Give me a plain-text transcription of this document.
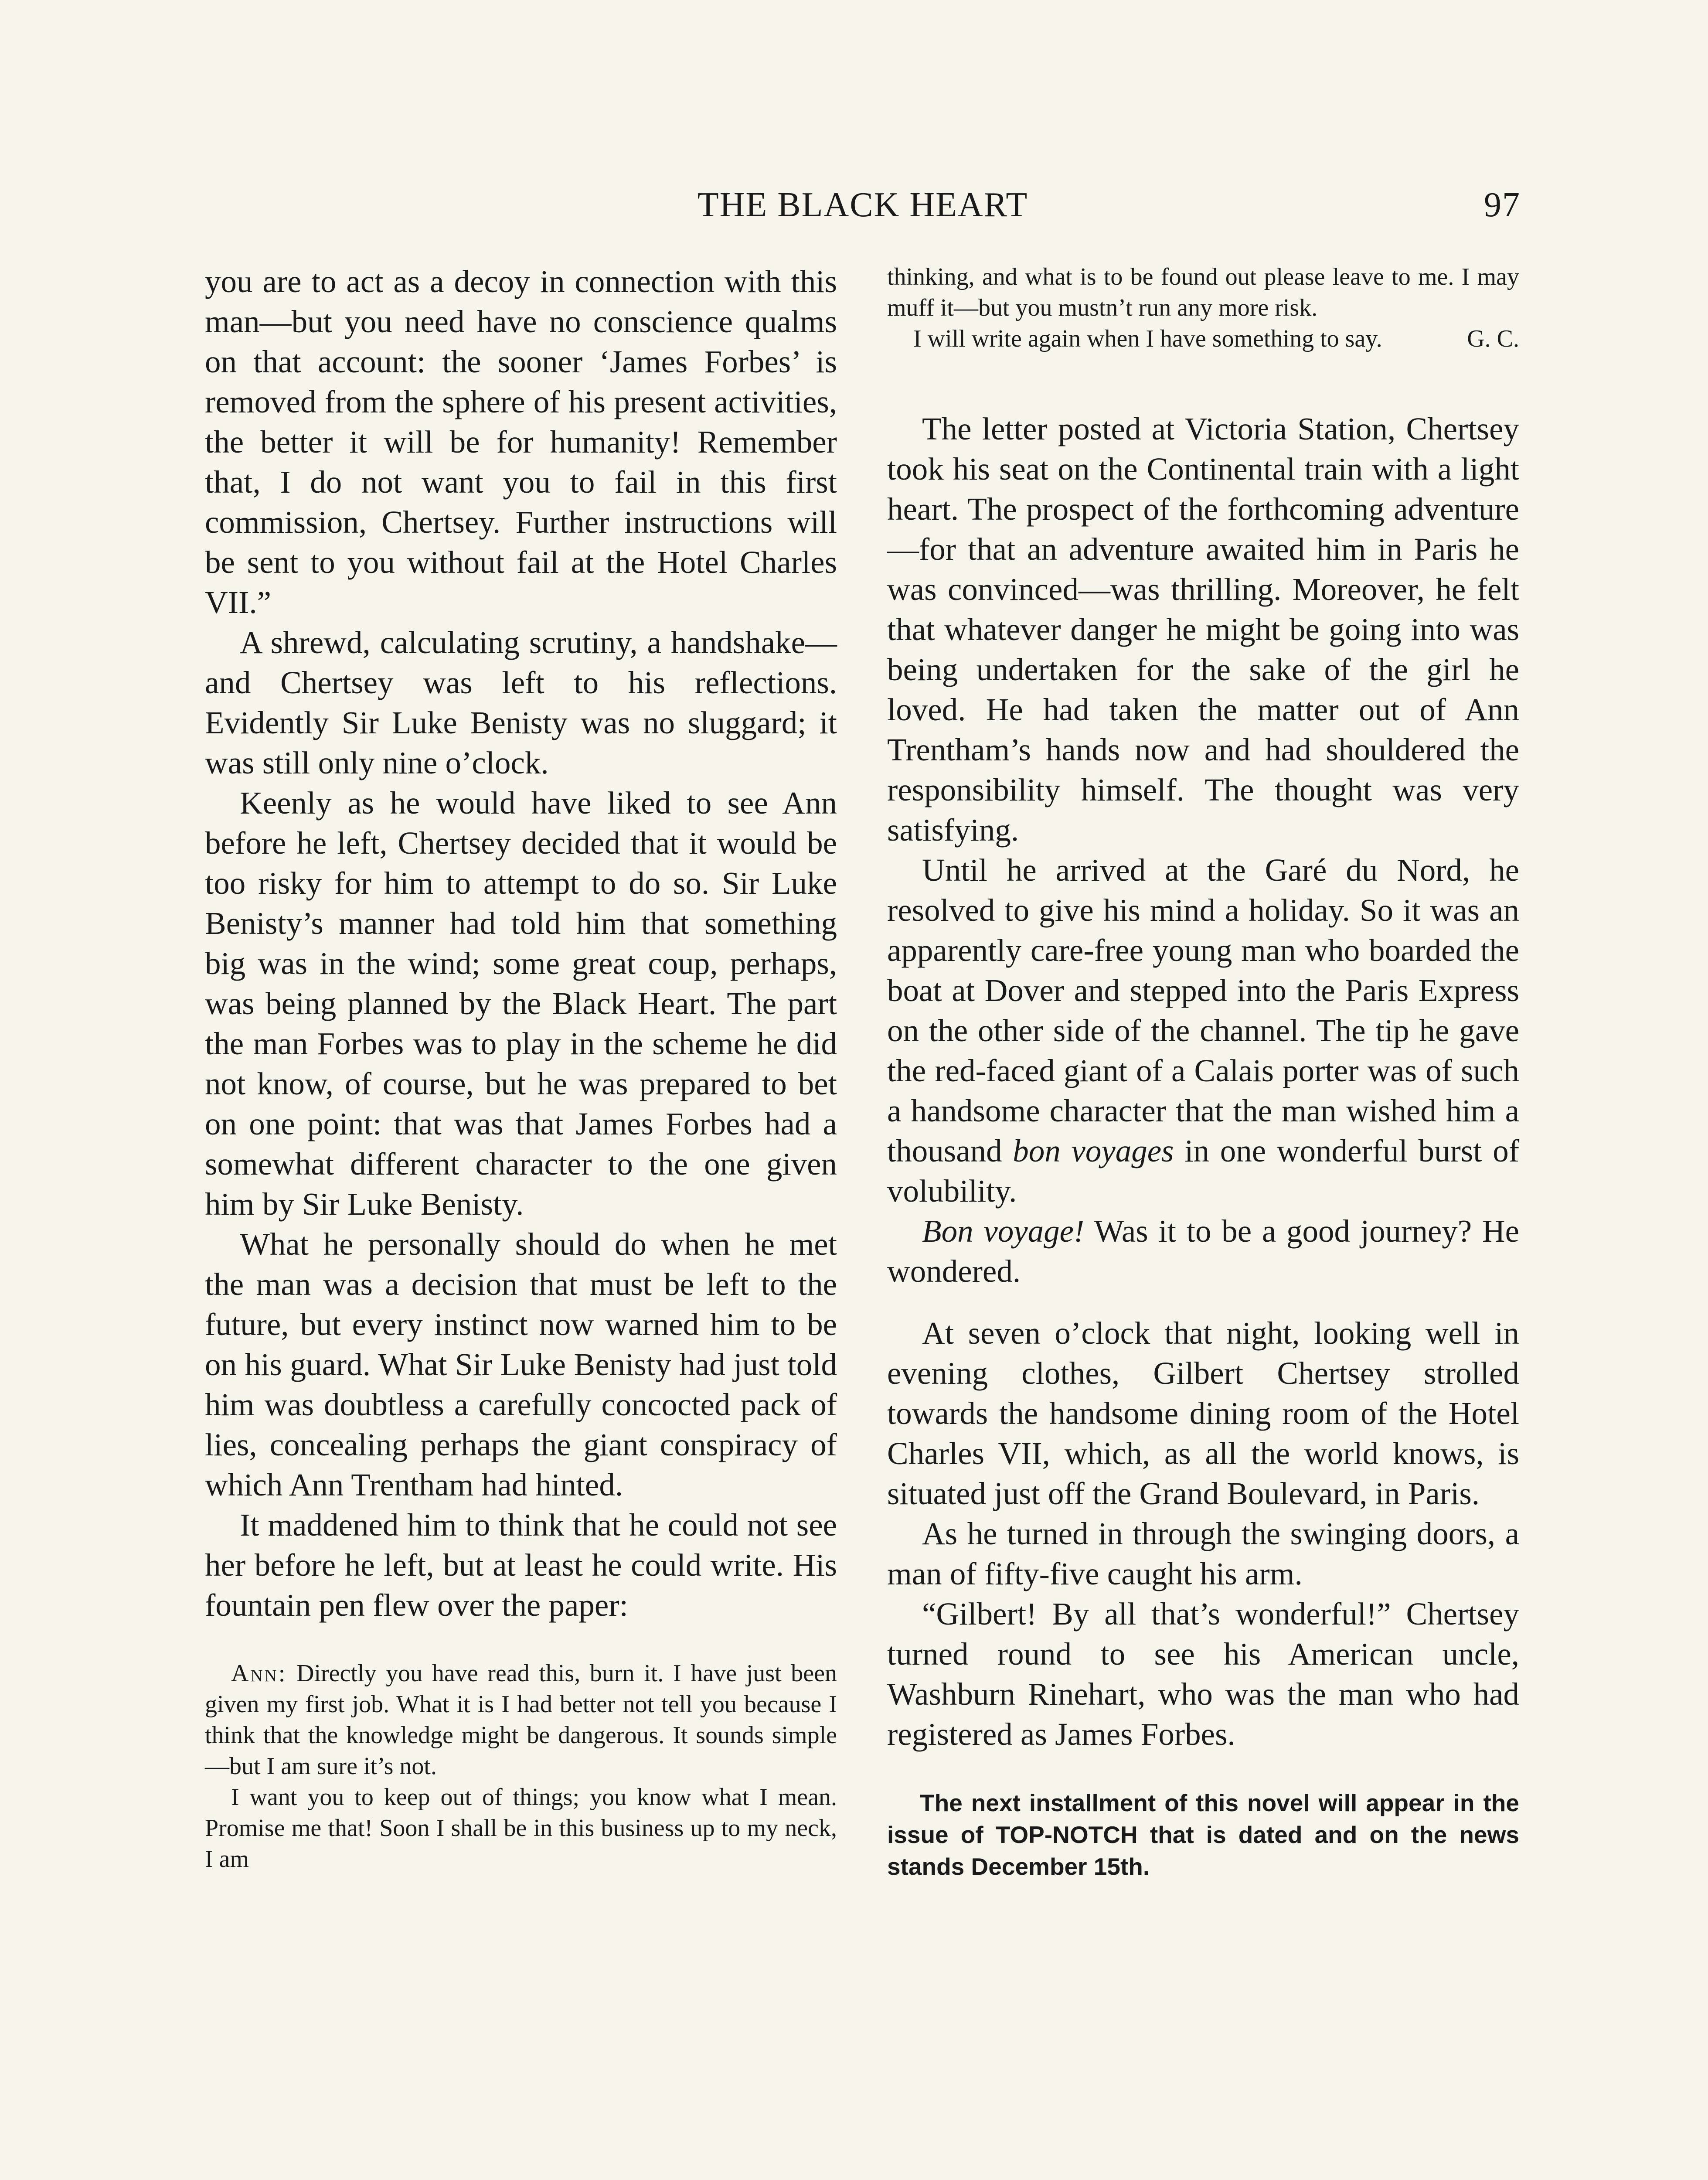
THE BLACK HEART	97

you are to act as a decoy in connection with this man—but you need have no conscience qualms on that account: the sooner ‘James Forbes’ is removed from the sphere of his present activities, the better it will be for humanity! Remember that, I do not want you to fail in this first commission, Chertsey. Further instructions will be sent to you without fail at the Hotel Charles VII.”

A shrewd, calculating scrutiny, a handshake—and Chertsey was left to his reflections. Evidently Sir Luke Benisty was no sluggard; it was still only nine o’clock.

Keenly as he would have liked to see Ann before he left, Chertsey decided that it would be too risky for him to attempt to do so. Sir Luke Benisty’s manner had told him that something big was in the wind; some great coup, perhaps, was being planned by the Black Heart. The part the man Forbes was to play in the scheme he did not know, of course, but he was prepared to bet on one point: that was that James Forbes had a somewhat different character to the one given him by Sir Luke Benisty.

What he personally should do when he met the man was a decision that must be left to the future, but every instinct now warned him to be on his guard. What Sir Luke Benisty had just told him was doubtless a carefully concocted pack of lies, concealing perhaps the giant conspiracy of which Ann Trentham had hinted.

It maddened him to think that he could not see her before he left, but at least he could write. His fountain pen flew over the paper:

Ann: Directly you have read this, burn it. I have just been given my first job. What it is I had better not tell you because I think that the knowledge might be dangerous. It sounds simple—but I am sure it’s not.

I want you to keep out of things; you know what I mean. Promise me that! Soon I shall be in this business up to my neck, I am

thinking, and what is to be found out please leave to me. I may muff it—but you mustn’t run any more risk.

I will write again when I have something to say.	G. C.

The letter posted at Victoria Station, Chertsey took his seat on the Continental train with a light heart. The prospect of the forthcoming adventure —for that an adventure awaited him in Paris he was convinced—was thrilling. Moreover, he felt that whatever danger he might be going into was being undertaken for the sake of the girl he loved. He had taken the matter out of Ann Trentham’s hands now and had shouldered the responsibility himself. The thought was very satisfying.

Until he arrived at the Garé du Nord, he resolved to give his mind a holiday. So it was an apparently care-free young man who boarded the boat at Dover and stepped into the Paris Express on the other side of the channel. The tip he gave the red-faced giant of a Calais porter was of such a handsome character that the man wished him a thousand bon voyages in one wonderful burst of volubility.

Bon voyage! Was it to be a good journey? He wondered.

At seven o’clock that night, looking well in evening clothes, Gilbert Chertsey strolled towards the handsome dining room of the Hotel Charles VII, which, as all the world knows, is situated just off the Grand Boulevard, in Paris.

As he turned in through the swinging doors, a man of fifty-five caught his arm.

“Gilbert! By all that’s wonderful!” Chertsey turned round to see his American uncle, Washburn Rinehart, who was the man who had registered as James Forbes.

The next installment of this novel will appear in the issue of TOP-NOTCH that is dated and on the news stands December 15th.
